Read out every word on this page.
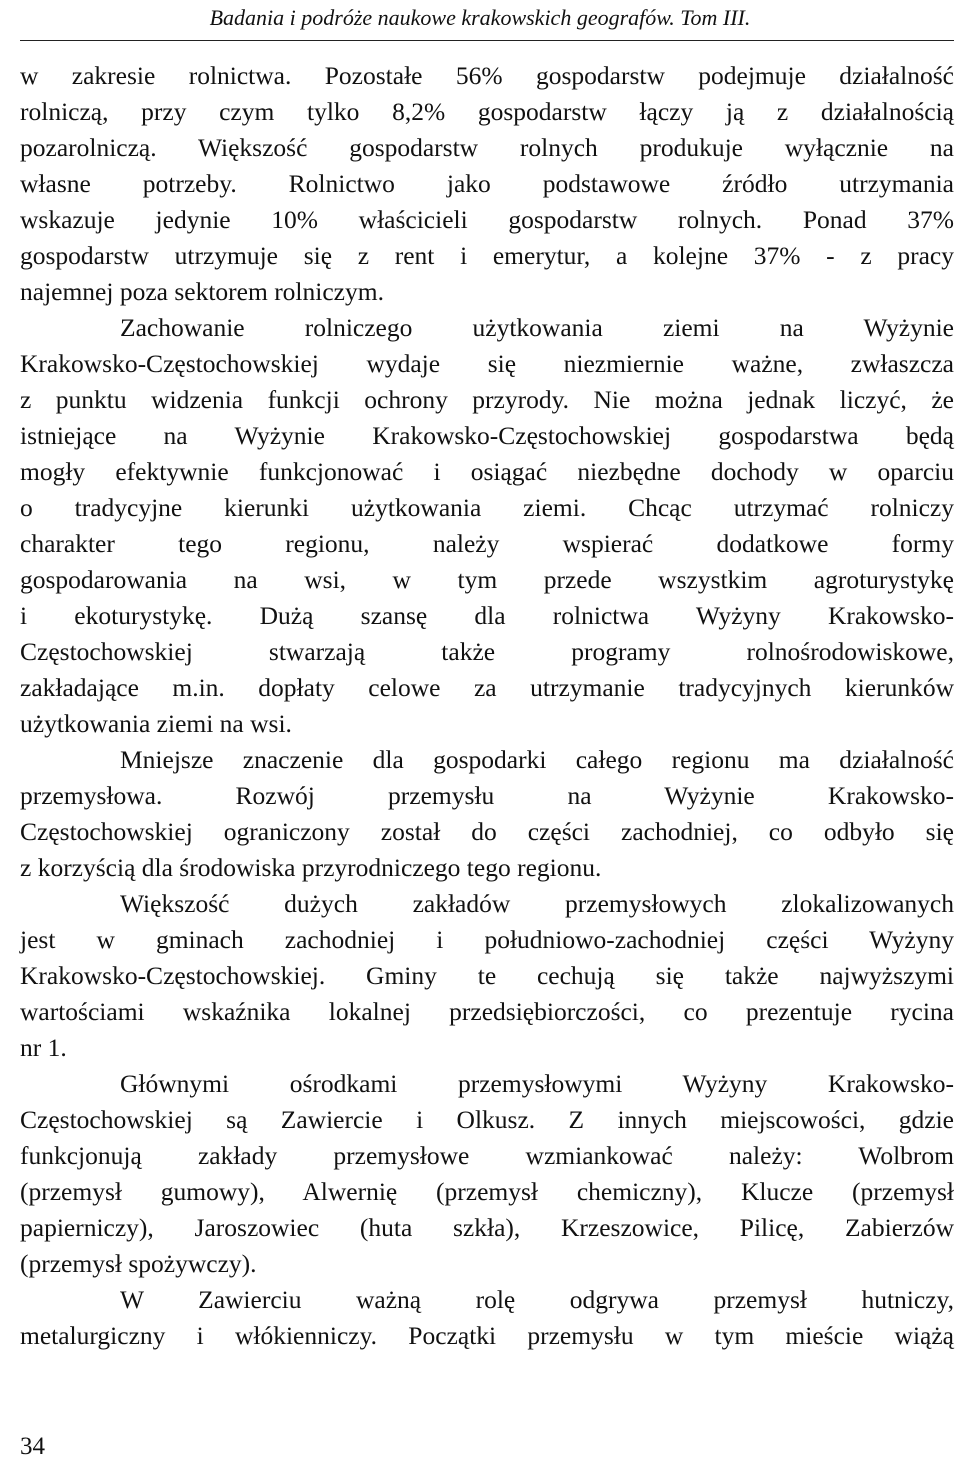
Badania i podróże naukowe krakowskich geografów. Tom III.
w zakresie rolnictwa. Pozostałe 56% gospodarstw podejmuje działalność
rolniczą, przy czym tylko 8,2% gospodarstw łączy ją z działalnością
pozarolniczą. Większość gospodarstw rolnych produkuje wyłącznie na
własne potrzeby. Rolnictwo jako podstawowe źródło utrzymania
wskazuje jedynie 10% właścicieli gospodarstw rolnych. Ponad 37%
gospodarstw utrzymuje się z rent i emerytur, a kolejne 37% - z pracy
najemnej poza sektorem rolniczym.
Zachowanie rolniczego użytkowania ziemi na Wyżynie
Krakowsko-Częstochowskiej wydaje się niezmiernie ważne, zwłaszcza
z punktu widzenia funkcji ochrony przyrody. Nie można jednak liczyć, że
istniejące na Wyżynie Krakowsko-Częstochowskiej gospodarstwa będą
mogły efektywnie funkcjonować i osiągać niezbędne dochody w oparciu
o tradycyjne kierunki użytkowania ziemi. Chcąc utrzymać rolniczy
charakter tego regionu, należy wspierać dodatkowe formy
gospodarowania na wsi, w tym przede wszystkim agroturystykę
i ekoturystykę. Dużą szansę dla rolnictwa Wyżyny Krakowsko-
Częstochowskiej stwarzają także programy rolnośrodowiskowe,
zakładające m.in. dopłaty celowe za utrzymanie tradycyjnych kierunków
użytkowania ziemi na wsi.
Mniejsze znaczenie dla gospodarki całego regionu ma działalność
przemysłowa. Rozwój przemysłu na Wyżynie Krakowsko-
Częstochowskiej ograniczony został do części zachodniej, co odbyło się
z korzyścią dla środowiska przyrodniczego tego regionu.
Większość dużych zakładów przemysłowych zlokalizowanych
jest w gminach zachodniej i południowo-zachodniej części Wyżyny
Krakowsko-Częstochowskiej. Gminy te cechują się także najwyższymi
wartościami wskaźnika lokalnej przedsiębiorczości, co prezentuje rycina
nr 1.
Głównymi ośrodkami przemysłowymi Wyżyny Krakowsko-
Częstochowskiej są Zawiercie i Olkusz. Z innych miejscowości, gdzie
funkcjonują zakłady przemysłowe wzmiankować należy: Wolbrom
(przemysł gumowy), Alwernię (przemysł chemiczny), Klucze (przemysł
papierniczy), Jaroszowiec (huta szkła), Krzeszowice, Pilicę, Zabierzów
(przemysł spożywczy).
W Zawierciu ważną rolę odgrywa przemysł hutniczy,
metalurgiczny i włókienniczy. Początki przemysłu w tym mieście wiążą
34
